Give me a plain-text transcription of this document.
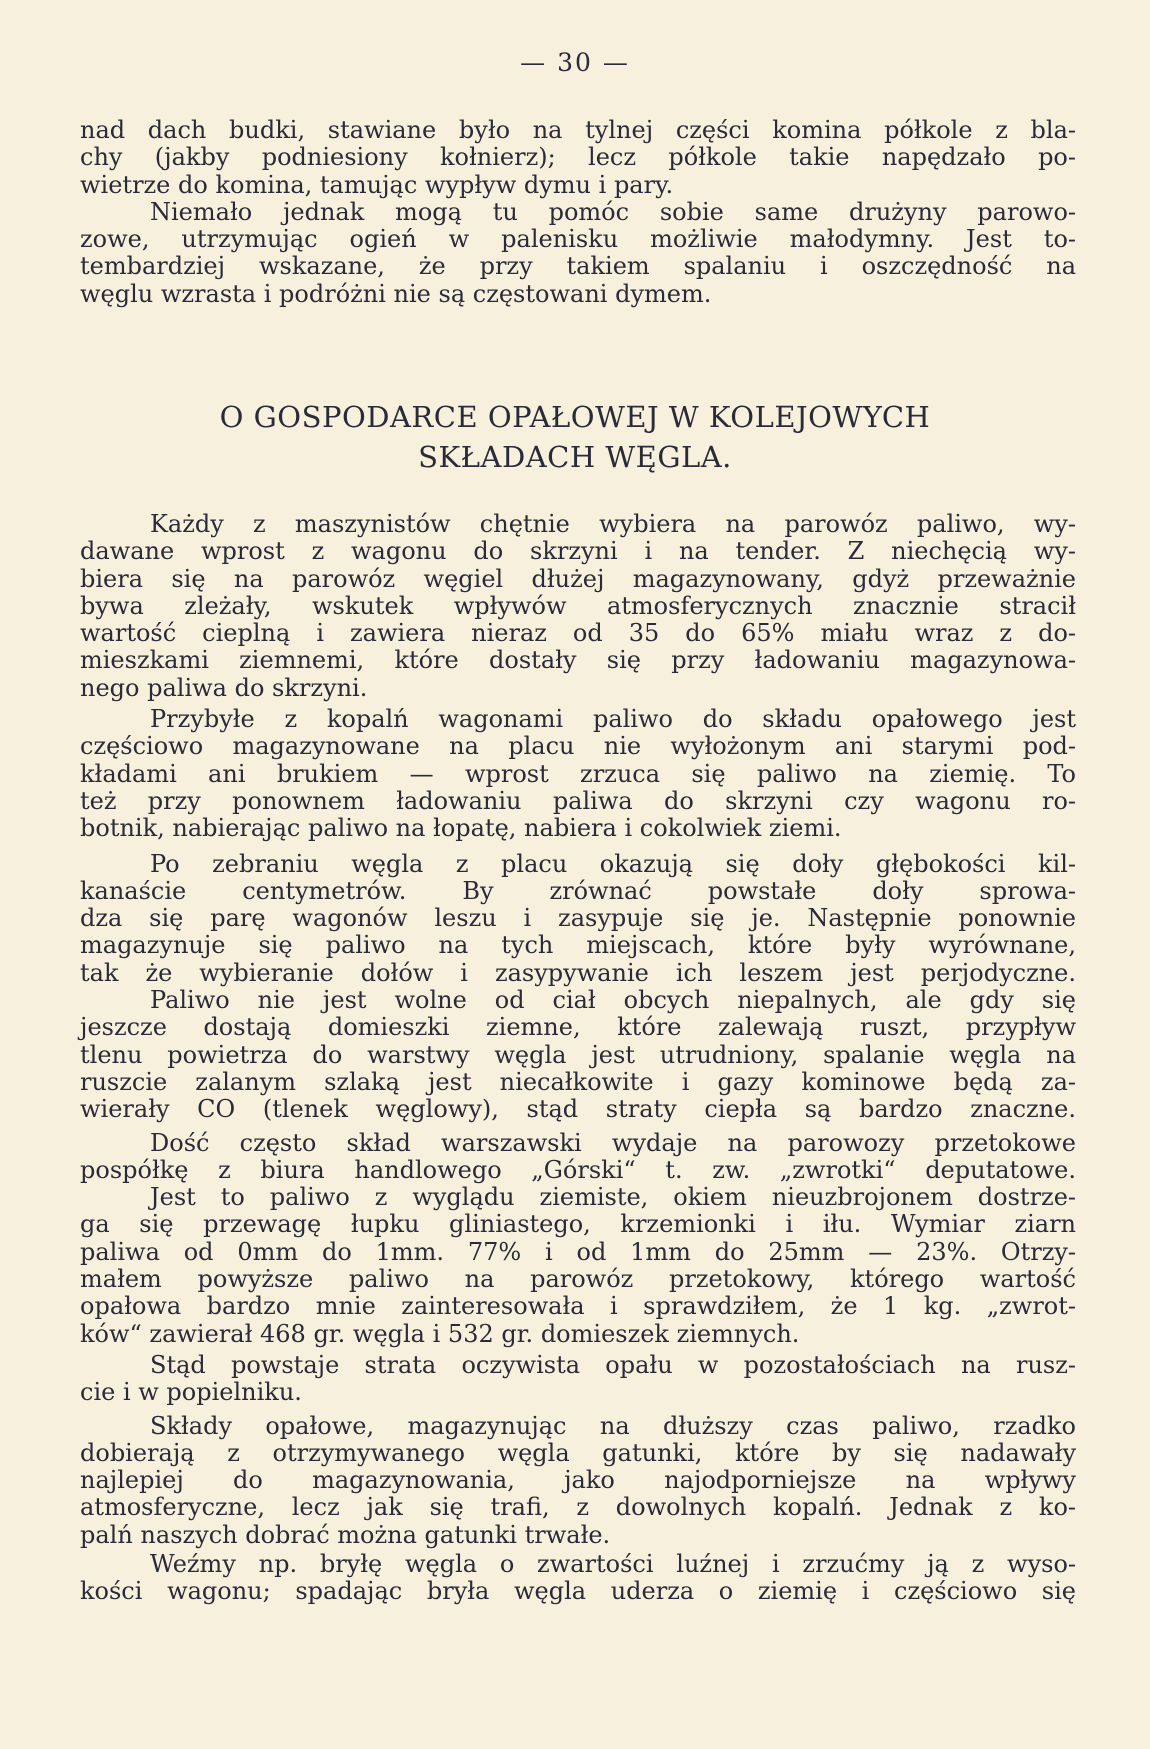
— 30 —
nad dach budki, stawiane było na tylnej części komina półkole z bla-
chy (jakby podniesiony kołnierz); lecz półkole takie napędzało po-
wietrze do komina, tamując wypływ dymu i pary.
Niemało jednak mogą tu pomóc sobie same drużyny parowo-
zowe, utrzymując ogień w palenisku możliwie małodymny. Jest to-
tembardziej wskazane, że przy takiem spalaniu i oszczędność na
węglu wzrasta i podróżni nie są częstowani dymem.
O GOSPODARCE OPAŁOWEJ W KOLEJOWYCH
SKŁADACH WĘGLA.
Każdy z maszynistów chętnie wybiera na parowóz paliwo, wy-
dawane wprost z wagonu do skrzyni i na tender. Z niechęcią wy-
biera się na parowóz węgiel dłużej magazynowany, gdyż przeważnie
bywa zleżały, wskutek wpływów atmosferycznych znacznie stracił
wartość cieplną i zawiera nieraz od 35 do 65% miału wraz z do-
mieszkami ziemnemi, które dostały się przy ładowaniu magazynowa-
nego paliwa do skrzyni.
Przybyłe z kopalń wagonami paliwo do składu opałowego jest
częściowo magazynowane na placu nie wyłożonym ani starymi pod-
kładami ani brukiem — wprost zrzuca się paliwo na ziemię. To
też przy ponownem ładowaniu paliwa do skrzyni czy wagonu ro-
botnik, nabierając paliwo na łopatę, nabiera i cokolwiek ziemi.
Po zebraniu węgla z placu okazują się doły głębokości kil-
kanaście centymetrów. By zrównać powstałe doły sprowa-
dza się parę wagonów leszu i zasypuje się je. Następnie ponownie
magazynuje się paliwo na tych miejscach, które były wyrównane,
tak że wybieranie dołów i zasypywanie ich leszem jest perjodyczne.
Paliwo nie jest wolne od ciał obcych niepalnych, ale gdy się
jeszcze dostają domieszki ziemne, które zalewają ruszt, przypływ
tlenu powietrza do warstwy węgla jest utrudniony, spalanie węgla na
ruszcie zalanym szlaką jest niecałkowite i gazy kominowe będą za-
wierały CO (tlenek węglowy), stąd straty ciepła są bardzo znaczne.
Dość często skład warszawski wydaje na parowozy przetokowe
pospółkę z biura handlowego „Górski“ t. zw. „zwrotki“ deputatowe.
Jest to paliwo z wyglądu ziemiste, okiem nieuzbrojonem dostrze-
ga się przewagę łupku gliniastego, krzemionki i iłu. Wymiar ziarn
paliwa od 0mm do 1mm. 77% i od 1mm do 25mm — 23%. Otrzy-
małem powyższe paliwo na parowóz przetokowy, którego wartość
opałowa bardzo mnie zainteresowała i sprawdziłem, że 1 kg. „zwrot-
ków“ zawierał 468 gr. węgla i 532 gr. domieszek ziemnych.
Stąd powstaje strata oczywista opału w pozostałościach na rusz-
cie i w popielniku.
Składy opałowe, magazynując na dłuższy czas paliwo, rzadko
dobierają z otrzymywanego węgla gatunki, które by się nadawały
najlepiej do magazynowania, jako najodporniejsze na wpływy
atmosferyczne, lecz jak się trafi, z dowolnych kopalń. Jednak z ko-
palń naszych dobrać można gatunki trwałe.
Weźmy np. bryłę węgla o zwartości luźnej i zrzućmy ją z wyso-
kości wagonu; spadając bryła węgla uderza o ziemię i częściowo się
